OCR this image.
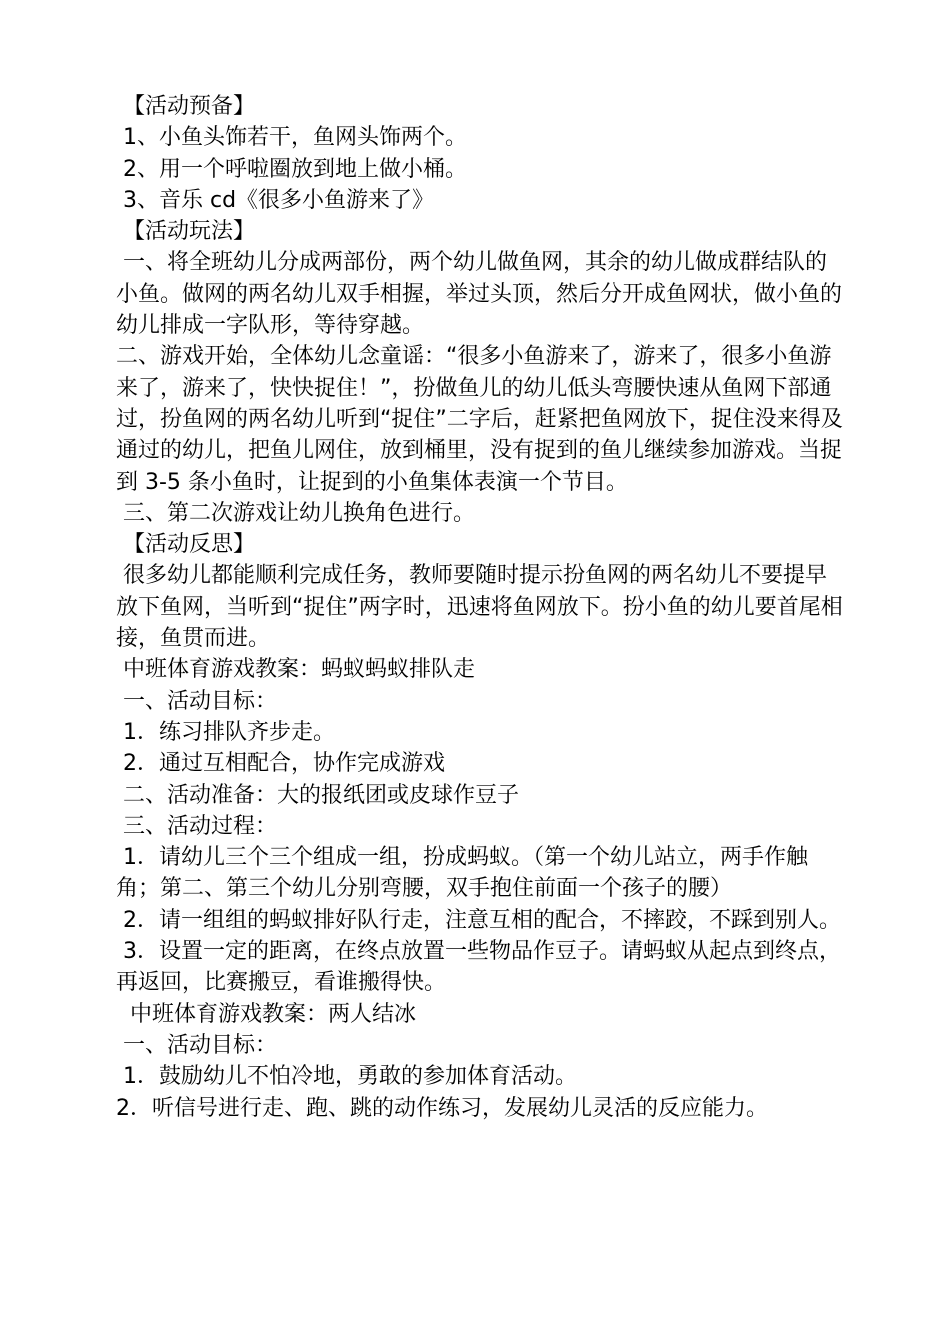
【活动预备】

1、小鱼头饰若干，鱼网头饰两个。

2、用一个呼啦圈放到地上做小桶。

3、音乐 cd《很多小鱼游来了》

【活动玩法】

一、将全班幼儿分成两部份，两个幼儿做鱼网，其余的幼儿做成群结队的小鱼。做网的两名幼儿双手相握，举过头顶，然后分开成鱼网状，做小鱼的幼儿排成一字队形，等待穿越。

二、游戏开始，全体幼儿念童谣：“很多小鱼游来了，游来了，很多小鱼游来了，游来了，快快捉住！”，扮做鱼儿的幼儿低头弯腰快速从鱼网下部通过，扮鱼网的两名幼儿听到“捉住”二字后，赶紧把鱼网放下，捉住没来得及通过的幼儿，把鱼儿网住，放到桶里，没有捉到的鱼儿继续参加游戏。当捉到 3-5 条小鱼时，让捉到的小鱼集体表演一个节目。

三、第二次游戏让幼儿换角色进行。

【活动反思】

很多幼儿都能顺利完成任务，教师要随时提示扮鱼网的两名幼儿不要提早放下鱼网，当听到“捉住”两字时，迅速将鱼网放下。扮小鱼的幼儿要首尾相接，鱼贯而进。

中班体育游戏教案：蚂蚁蚂蚁排队走

一、活动目标：

1．练习排队齐步走。

2．通过互相配合，协作完成游戏

二、活动准备：大的报纸团或皮球作豆子

三、活动过程：

1．请幼儿三个三个组成一组，扮成蚂蚁。（第一个幼儿站立，两手作触角；第二、第三个幼儿分别弯腰，双手抱住前面一个孩子的腰）

2．请一组组的蚂蚁排好队行走，注意互相的配合，不摔跤，不踩到别人。

3．设置一定的距离，在终点放置一些物品作豆子。请蚂蚁从起点到终点，再返回，比赛搬豆，看谁搬得快。

中班体育游戏教案：两人结冰

一、活动目标：

1．鼓励幼儿不怕冷地，勇敢的参加体育活动。

2．听信号进行走、跑、跳的动作练习，发展幼儿灵活的反应能力。
